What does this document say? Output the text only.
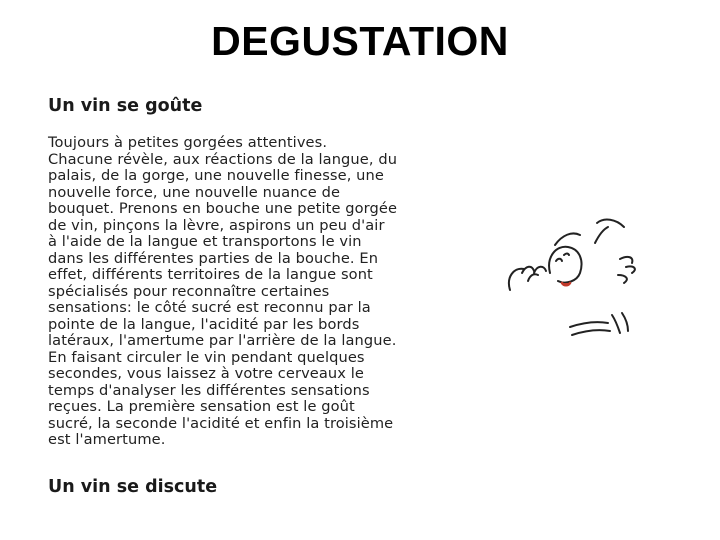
DEGUSTATION
Un vin se goûte
Toujours à petites gorgées attentives.
Chacune révèle, aux réactions de la langue, du
palais, de la gorge, une nouvelle finesse, une
nouvelle force, une nouvelle nuance de
bouquet. Prenons en bouche une petite gorgée
de vin, pinçons la lèvre, aspirons un peu d'air
à l'aide de la langue et transportons le vin
dans les différentes parties de la bouche. En
effet, différents territoires de la langue sont
spécialisés pour reconnaître certaines
sensations: le côté sucré est reconnu par la
pointe de la langue, l'acidité par les bords
latéraux, l'amertume par l'arrière de la langue.
En faisant circuler le vin pendant quelques
secondes, vous laissez à votre cerveaux le
temps d'analyser les différentes sensations
reçues. La première sensation est le goût
sucré, la seconde l'acidité et enfin la troisième
est l'amertume.
Un vin se discute
